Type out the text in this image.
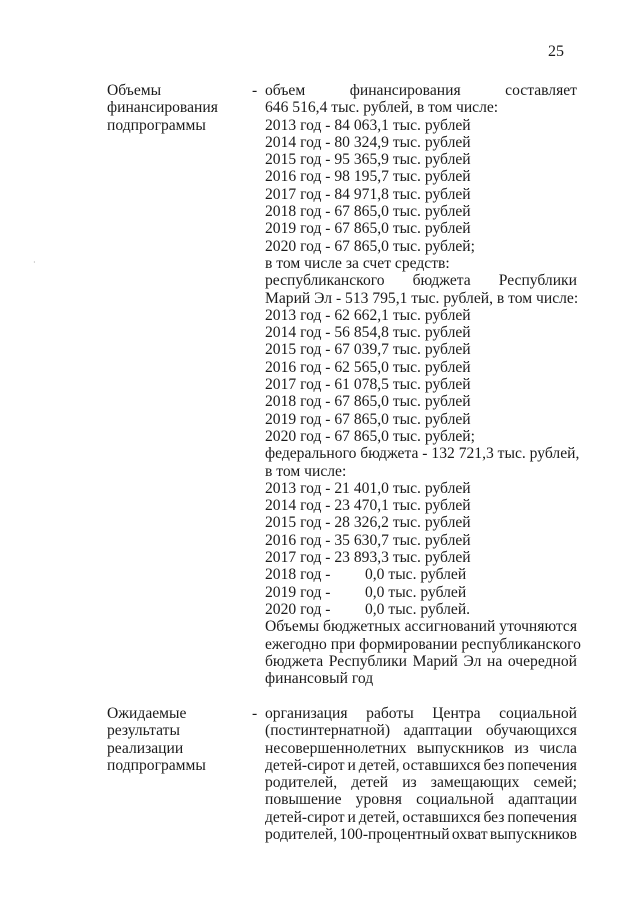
25
·
Объемы
финансирования
подпрограммы
- объем	финансирования	составляет
646 516,4 тыс. рублей, в том числе:
2013 год - 84 063,1 тыс. рублей
2014 год - 80 324,9 тыс. рублей
2015 год - 95 365,9 тыс. рублей
2016 год - 98 195,7 тыс. рублей
2017 год - 84 971,8 тыс. рублей
2018 год - 67 865,0 тыс. рублей
2019 год - 67 865,0 тыс. рублей
2020 год - 67 865,0 тыс. рублей;
в том числе за счет средств:
республиканского бюджета Республики
Марий Эл - 513 795,1 тыс. рублей, в том числе:
2013 год - 62 662,1 тыс. рублей
2014 год - 56 854,8 тыс. рублей
2015 год - 67 039,7 тыс. рублей
2016 год - 62 565,0 тыс. рублей
2017 год - 61 078,5 тыс. рублей
2018 год - 67 865,0 тыс. рублей
2019 год - 67 865,0 тыс. рублей
2020 год - 67 865,0 тыс. рублей;
федерального бюджета - 132 721,3 тыс. рублей,
в том числе:
2013 год - 21 401,0 тыс. рублей
2014 год - 23 470,1 тыс. рублей
2015 год - 28 326,2 тыс. рублей
2016 год - 35 630,7 тыс. рублей
2017 год - 23 893,3 тыс. рублей
2018 год - 0,0 тыс. рублей
2019 год - 0,0 тыс. рублей
2020 год - 0,0 тыс. рублей.
Объемы бюджетных ассигнований уточняются
ежегодно при формировании республиканского
бюджета Республики Марий Эл на очередной
финансовый год
Ожидаемые
результаты
реализации
подпрограммы
- организация работы Центра социальной
(постинтернатной) адаптации обучающихся
несовершеннолетних выпускников из числа
детей-сирот и детей, оставшихся без попечения
родителей, детей из замещающих семей;
повышение уровня социальной адаптации
детей-сирот и детей, оставшихся без попечения
родителей, 100-процентный охват выпускников
